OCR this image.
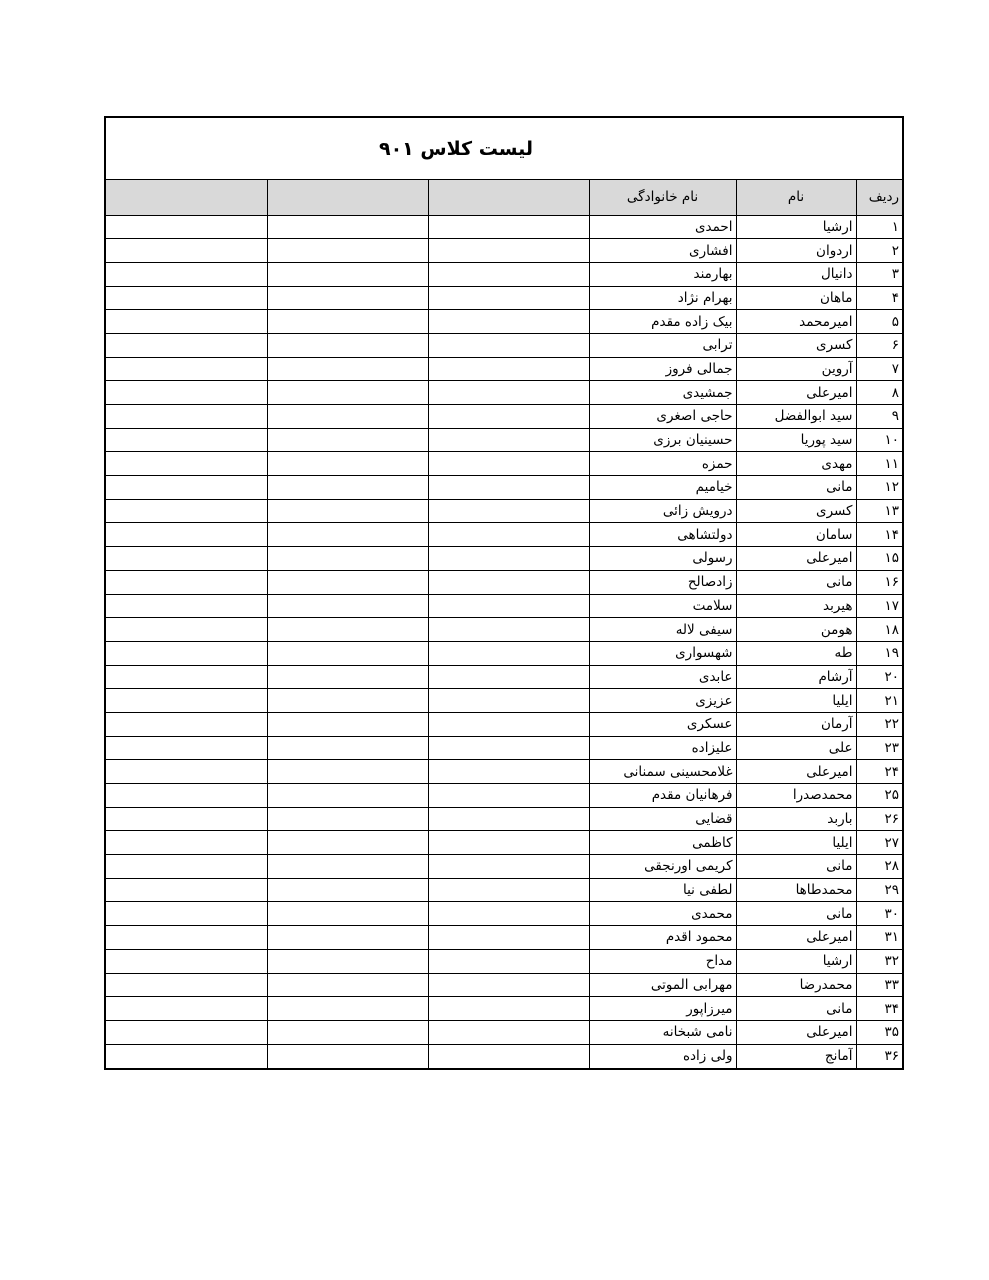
لیست کلاس ۹۰۱
ردیف	نام	نام خانوادگی			
۱	ارشیا	احمدی			
۲	اردوان	افشاری			
۳	دانیال	بهارمند			
۴	ماهان	بهرام نژاد			
۵	امیرمحمد	بیک زاده مقدم			
۶	کسری	ترابی			
۷	آروین	جمالی فروز			
۸	امیرعلی	جمشیدی			
۹	سید ابوالفضل	حاجی اصغری			
۱۰	سید پوریا	حسینیان برزی			
۱۱	مهدی	حمزه			
۱۲	مانی	خیامیم			
۱۳	کسری	درویش زائی			
۱۴	سامان	دولتشاهی			
۱۵	امیرعلی	رسولی			
۱۶	مانی	زادصالح			
۱۷	هیربد	سلامت			
۱۸	هومن	سیفی لاله			
۱۹	طه	شهسواری			
۲۰	آرشام	عابدی			
۲۱	ایلیا	عزیزی			
۲۲	آرمان	عسکری			
۲۳	علی	علیزاده			
۲۴	امیرعلی	غلامحسینی سمنانی			
۲۵	محمدصدرا	فرهانیان مقدم			
۲۶	باربد	قضایی			
۲۷	ایلیا	کاظمی			
۲۸	مانی	کریمی اورنجقی			
۲۹	محمدطاها	لطفی نیا			
۳۰	مانی	محمدی			
۳۱	امیرعلی	محمود اقدم			
۳۲	ارشیا	مداح			
۳۳	محمدرضا	مهرابی الموتی			
۳۴	مانی	میرزاپور			
۳۵	امیرعلی	نامی شبخانه			
۳۶	آمانج	ولی زاده			
